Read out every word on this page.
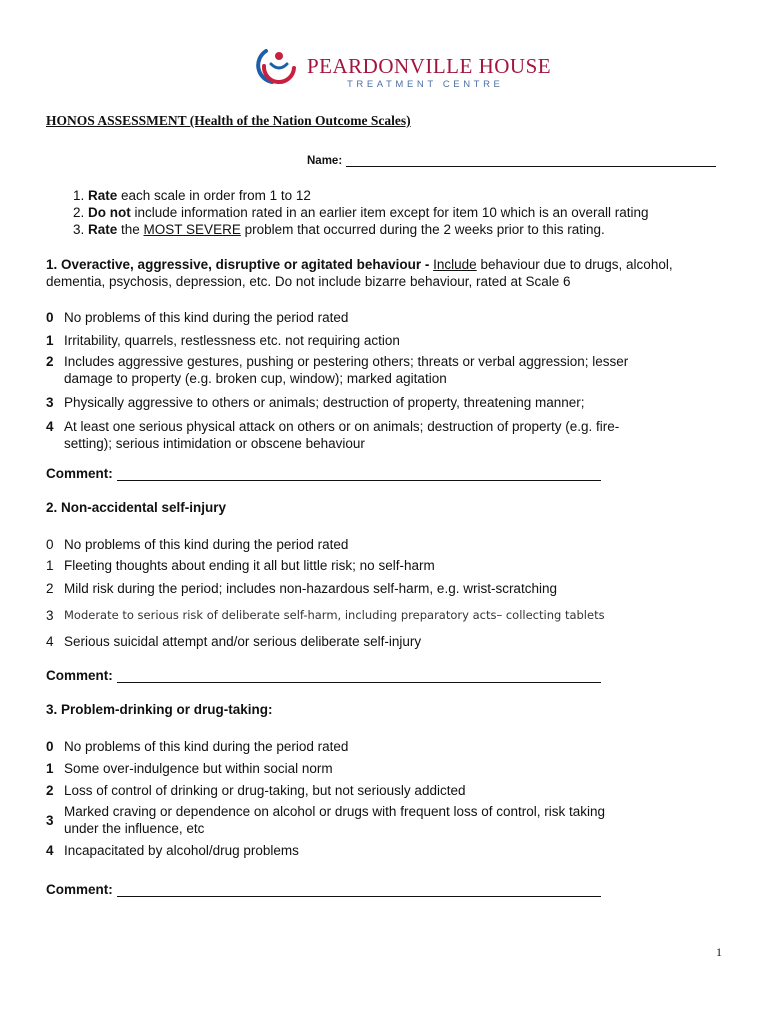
PEARDONVILLE HOUSE
TREATMENT CENTRE
HONOS ASSESSMENT (Health of the Nation Outcome Scales)
Name:
1. Rate each scale in order from 1 to 12
2. Do not include information rated in an earlier item except for item 10 which is an overall rating
3. Rate the MOST SEVERE problem that occurred during the 2 weeks prior to this rating.
1. Overactive, aggressive, disruptive or agitated behaviour - Include behaviour due to drugs, alcohol, dementia, psychosis, depression, etc. Do not include bizarre behaviour, rated at Scale 6
0 No problems of this kind during the period rated
1 Irritability, quarrels, restlessness etc. not requiring action
2 Includes aggressive gestures, pushing or pestering others; threats or verbal aggression; lesser damage to property (e.g. broken cup, window); marked agitation
3 Physically aggressive to others or animals; destruction of property, threatening manner;
4 At least one serious physical attack on others or on animals; destruction of property (e.g. fire-setting); serious intimidation or obscene behaviour
Comment:
2. Non-accidental self-injury
0 No problems of this kind during the period rated
1 Fleeting thoughts about ending it all but little risk; no self-harm
2 Mild risk during the period; includes non-hazardous self-harm, e.g. wrist-scratching
3 Moderate to serious risk of deliberate self-harm, including preparatory acts– collecting tablets
4 Serious suicidal attempt and/or serious deliberate self-injury
Comment:
3. Problem-drinking or drug-taking:
0 No problems of this kind during the period rated
1 Some over-indulgence but within social norm
2 Loss of control of drinking or drug-taking, but not seriously addicted
3
Marked craving or dependence on alcohol or drugs with frequent loss of control, risk taking under the influence, etc
4 Incapacitated by alcohol/drug problems
Comment:
1
